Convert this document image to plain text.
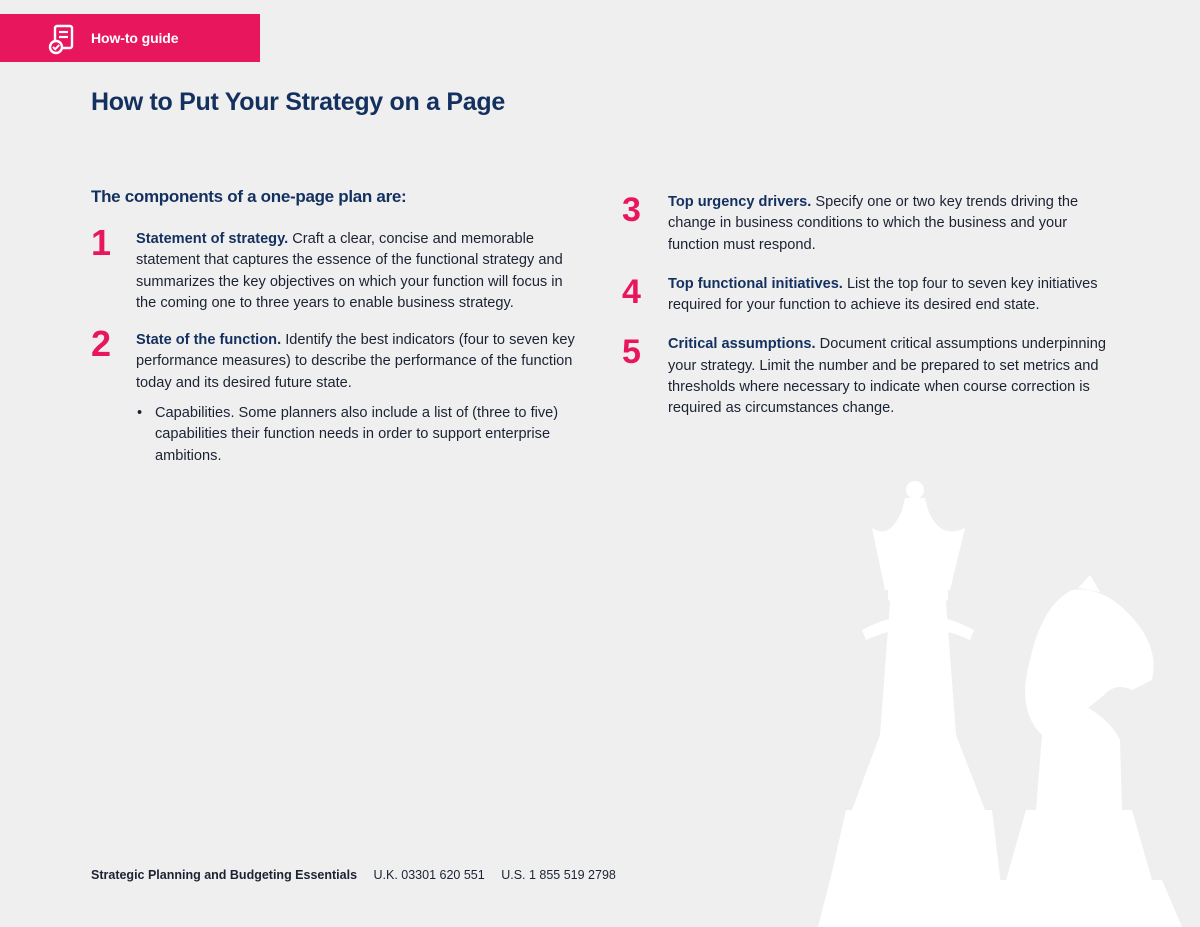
How-to guide
How to Put Your Strategy on a Page

The components of a one-page plan are:

1 Statement of strategy. Craft a clear, concise and memorable statement that captures the essence of the functional strategy and summarizes the key objectives on which your function will focus in the coming one to three years to enable business strategy.

2 State of the function. Identify the best indicators (four to seven key performance measures) to describe the performance of the function today and its desired future state.

• Capabilities. Some planners also include a list of (three to five) capabilities their function needs in order to support enterprise ambitions.
3 Top urgency drivers. Specify one or two key trends driving the change in business conditions to which the business and your function must respond.

4 Top functional initiatives. List the top four to seven key initiatives required for your function to achieve its desired end state.

5 Critical assumptions. Document critical assumptions underpinning your strategy. Limit the number and be prepared to set metrics and thresholds where necessary to indicate when course correction is required as circumstances change.

Strategic Planning and Budgeting Essentials U.K. 03301 620 551 U.S. 1 855 519 2798
